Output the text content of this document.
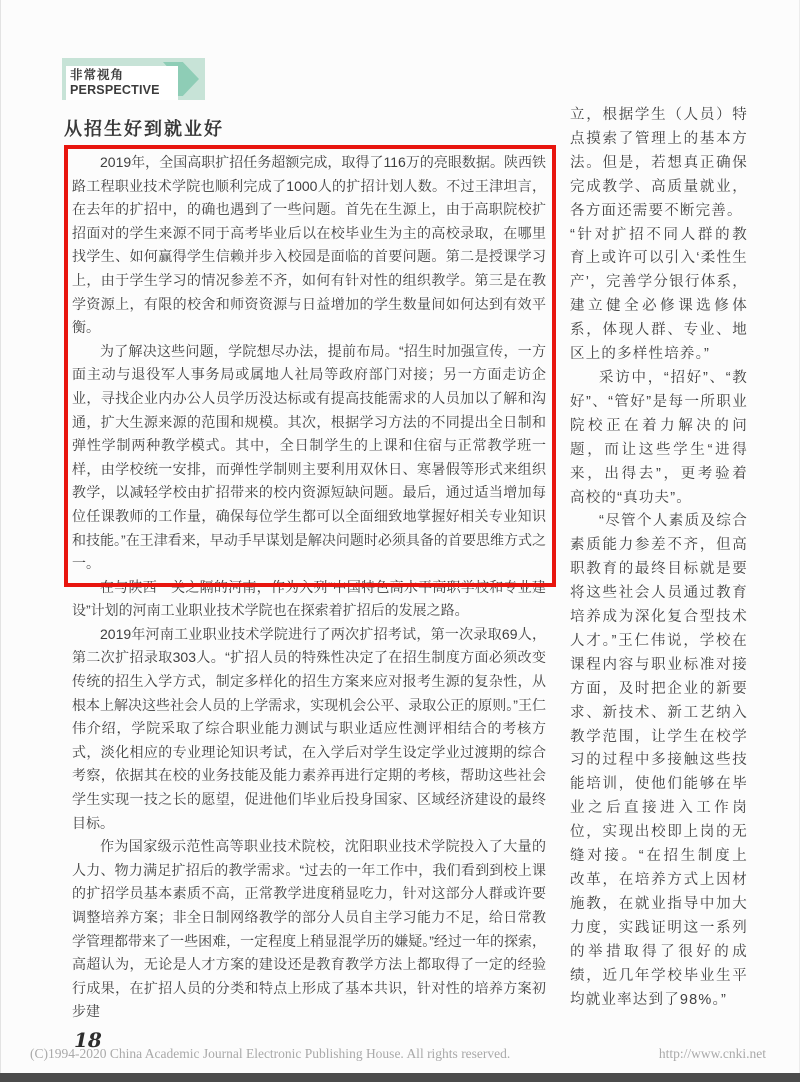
非常视角
PERSPECTIVE
从招生好到就业好

2019年，全国高职扩招任务超额完成，取得了116万的亮眼数据。陕西铁路工程职业技术学院也顺利完成了1000人的扩招计划人数。不过王津坦言，在去年的扩招中，的确也遇到了一些问题。首先在生源上，由于高职院校扩招面对的学生来源不同于高考毕业后以在校毕业生为主的高校录取，在哪里找学生、如何赢得学生信赖并步入校园是面临的首要问题。第二是授课学习上，由于学生学习的情况参差不齐，如何有针对性的组织教学。第三是在教学资源上，有限的校舍和师资资源与日益增加的学生数量间如何达到有效平衡。

为了解决这些问题，学院想尽办法，提前布局。“招生时加强宣传，一方面主动与退役军人事务局或属地人社局等政府部门对接；另一方面走访企业，寻找企业内办公人员学历没达标或有提高技能需求的人员加以了解和沟通，扩大生源来源的范围和规模。其次，根据学习方法的不同提出全日制和弹性学制两种教学模式。其中，全日制学生的上课和住宿与正常教学班一样，由学校统一安排，而弹性学制则主要利用双休日、寒暑假等形式来组织教学，以减轻学校由扩招带来的校内资源短缺问题。最后，通过适当增加每位任课教师的工作量，确保每位学生都可以全面细致地掌握好相关专业知识和技能。”在王津看来，早动手早谋划是解决问题时必须具备的首要思维方式之一。

在与陕西一关之隔的河南，作为入列“中国特色高水平高职学校和专业建设”计划的河南工业职业技术学院也在探索着扩招后的发展之路。

2019年河南工业职业技术学院进行了两次扩招考试，第一次录取69人，第二次扩招录取303人。“扩招人员的特殊性决定了在招生制度方面必须改变传统的招生入学方式，制定多样化的招生方案来应对报考生源的复杂性，从根本上解决这些社会人员的上学需求，实现机会公平、录取公正的原则。”王仁伟介绍，学院采取了综合职业能力测试与职业适应性测评相结合的考核方式，淡化相应的专业理论知识考试，在入学后对学生设定学业过渡期的综合考察，依据其在校的业务技能及能力素养再进行定期的考核，帮助这些社会学生实现一技之长的愿望，促进他们毕业后投身国家、区域经济建设的最终目标。

作为国家级示范性高等职业技术院校，沈阳职业技术学院投入了大量的人力、物力满足扩招后的教学需求。“过去的一年工作中，我们看到到校上课的扩招学员基本素质不高，正常教学进度稍显吃力，针对这部分人群或许要调整培养方案；非全日制网络教学的部分人员自主学习能力不足，给日常教学管理都带来了一些困难，一定程度上稍显混学历的嫌疑。”经过一年的探索，高超认为，无论是人才方案的建设还是教育教学方法上都取得了一定的经验行成果，在扩招人员的分类和特点上形成了基本共识，针对性的培养方案初步建

立，根据学生（人员）特点摸索了管理上的基本方法。但是，若想真正确保完成教学、高质量就业，各方面还需要不断完善。

“针对扩招不同人群的教育上或许可以引入‘柔性生产’，完善学分银行体系，建立健全必修课选修体系，体现人群、专业、地区上的多样性培养。”

采访中，“招好”、“教好”、“管好”是每一所职业院校正在着力解决的问题，而让这些学生“进得来，出得去”，更考验着高校的“真功夫”。

“尽管个人素质及综合素质能力参差不齐，但高职教育的最终目标就是要将这些社会人员通过教育培养成为深化复合型技术人才。”王仁伟说，学校在课程内容与职业标准对接方面，及时把企业的新要求、新技术、新工艺纳入教学范围，让学生在校学习的过程中多接触这些技能培训，使他们能够在毕业之后直接进入工作岗位，实现出校即上岗的无缝对接。“在招生制度上改革，在培养方式上因材施教，在就业指导中加大力度，实践证明这一系列的举措取得了很好的成绩，近几年学校毕业生平均就业率达到了98%。”

18
(C)1994-2020 China Academic Journal Electronic Publishing House. All rights reserved.	http://www.cnki.net
